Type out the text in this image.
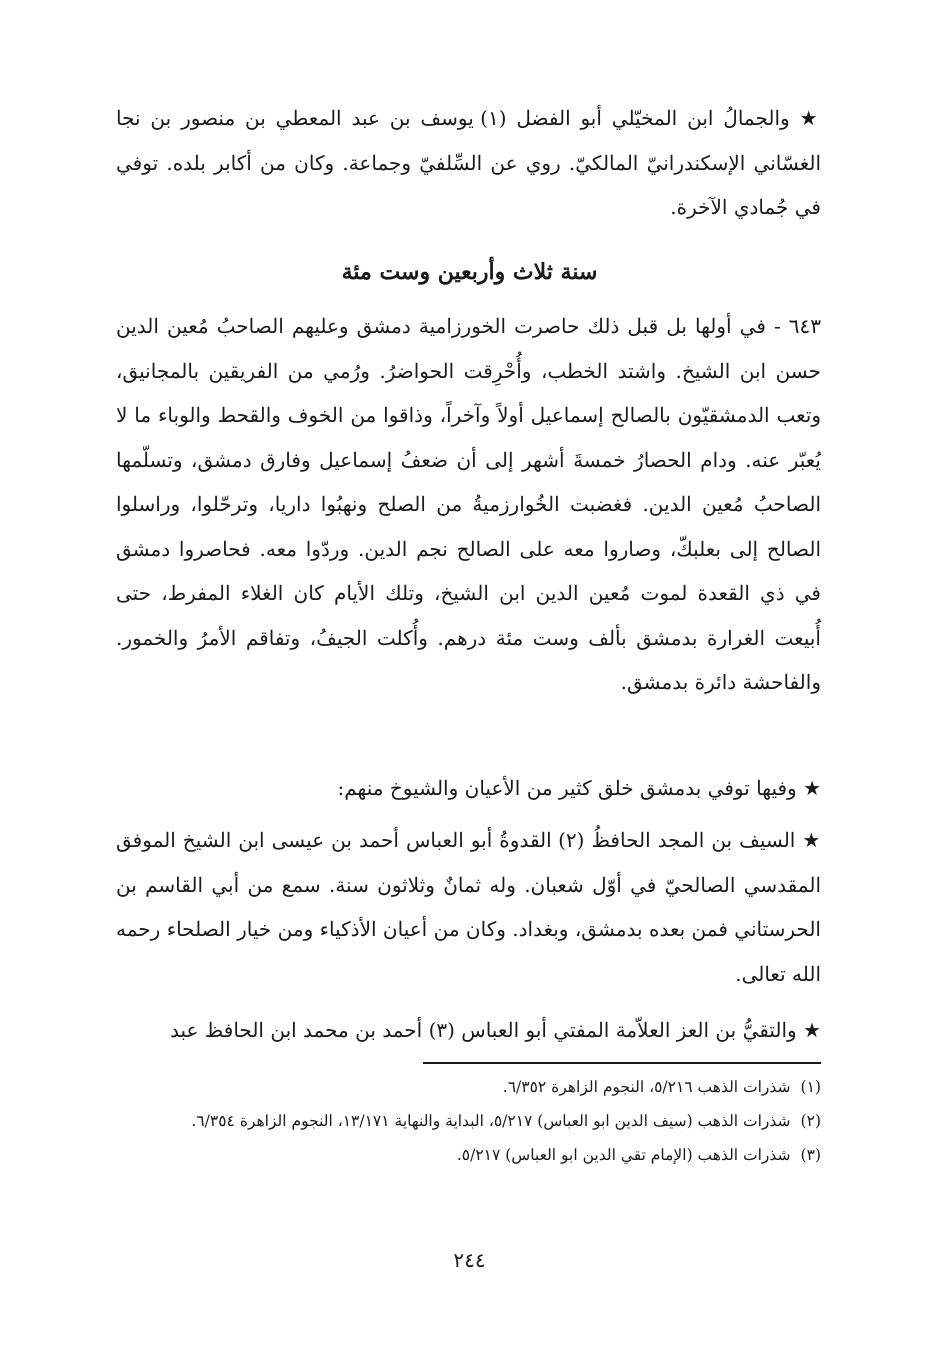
★ والجمالُ ابن المخيّلي أبو الفضل (١) يوسف بن عبد المعطي بن منصور بن نجا الغسّاني الإسكندرانيّ المالكيّ. روي عن السِّلفيّ وجماعة. وكان من أكابر بلده. توفي في جُمادي الآخرة.
سنة ثلاث وأربعين وست مئة
٦٤٣ - في أولها بل قبل ذلك حاصرت الخورزامية دمشق وعليهم الصاحبُ مُعين الدين حسن ابن الشيخ. واشتد الخطب، وأُحْرِقت الحواضرُ. ورُمي من الفريقين بالمجانيق، وتعب الدمشقيّون بالصالح إسماعيل أولاً وآخراً، وذاقوا من الخوف والقحط والوباء ما لا يُعبّر عنه. ودام الحصارُ خمسةَ أشهر إلى أن ضعفُ إسماعيل وفارق دمشق، وتسلّمها الصاحبُ مُعين الدين. فغضبت الخُوارزميةُ من الصلح ونهبُوا داريا، وترحّلوا، وراسلوا الصالح إلى بعلبكّ، وصاروا معه على الصالح نجم الدين. وردّوا معه. فحاصروا دمشق في ذي القعدة لموت مُعين الدين ابن الشيخ، وتلك الأيام كان الغلاء المفرط، حتى أُبيعت الغرارة بدمشق بألف وست مئة درهم. وأُكلت الجيفُ، وتفاقم الأمرُ والخمور. والفاحشة دائرة بدمشق.
★ وفيها توفي بدمشق خلق كثير من الأعيان والشيوخ منهم:
★ السيف بن المجد الحافظُ (٢) القدوةُ أبو العباس أحمد بن عيسى ابن الشيخ الموفق المقدسي الصالحيّ في أوّل شعبان. وله ثمانٌ وثلاثون سنة. سمع من أبي القاسم بن الحرستاني فمن بعده بدمشق، وبغداد. وكان من أعيان الأذكياء ومن خيار الصلحاء رحمه الله تعالى.
★ والتقيُّ بن العز العلاّمة المفتي أبو العباس (٣) أحمد بن محمد ابن الحافظ عبد
(١)
شذرات الذهب ٥/٢١٦، النجوم الزاهرة ٦/٣٥٢.
(٢)
شذرات الذهب (سيف الدين ابو العباس) ٥/٢١٧، البداية والنهاية ١٣/١٧١، النجوم الزاهرة ٦/٣٥٤.
(٣)
شذرات الذهب (الإمام تقي الدين ابو العباس) ٥/٢١٧.
٢٤٤
